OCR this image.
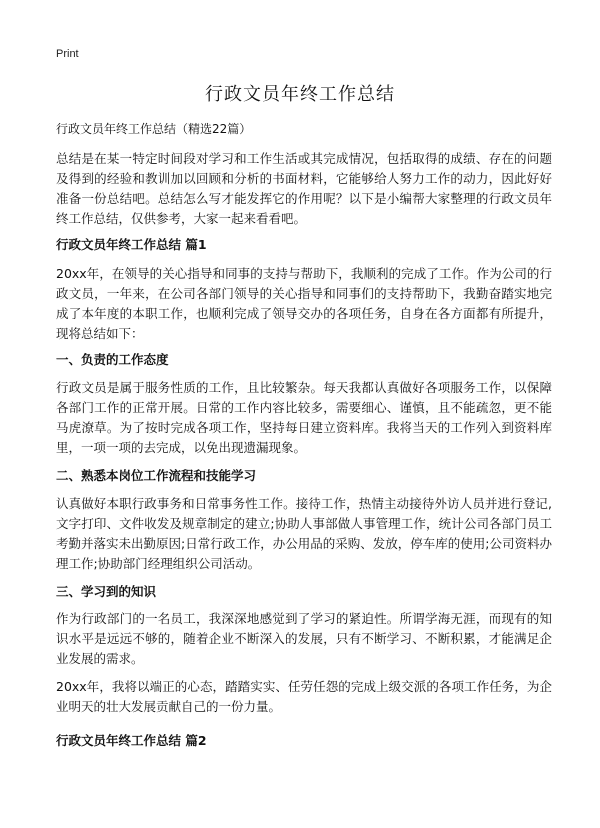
Print
行政文员年终工作总结
行政文员年终工作总结（精选22篇）

总结是在某一特定时间段对学习和工作生活或其完成情况，包括取得的成绩、存在的问题及得到的经验和教训加以回顾和分析的书面材料，它能够给人努力工作的动力，因此好好准备一份总结吧。总结怎么写才能发挥它的作用呢？以下是小编帮大家整理的行政文员年终工作总结，仅供参考，大家一起来看看吧。

行政文员年终工作总结 篇1

20xx年，在领导的关心指导和同事的支持与帮助下，我顺利的完成了工作。作为公司的行政文员，一年来，在公司各部门领导的关心指导和同事们的支持帮助下，我勤奋踏实地完成了本年度的本职工作，也顺利完成了领导交办的各项任务，自身在各方面都有所提升，现将总结如下：

一、负责的工作态度

行政文员是属于服务性质的工作，且比较繁杂。每天我都认真做好各项服务工作，以保障各部门工作的正常开展。日常的工作内容比较多，需要细心、谨慎，且不能疏忽，更不能马虎潦草。为了按时完成各项工作，坚持每日建立资料库。我将当天的工作列入到资料库里，一项一项的去完成，以免出现遗漏现象。

二、熟悉本岗位工作流程和技能学习

认真做好本职行政事务和日常事务性工作。接待工作，热情主动接待外访人员并进行登记,文字打印、文件收发及规章制定的建立;协助人事部做人事管理工作，统计公司各部门员工考勤并落实未出勤原因;日常行政工作，办公用品的采购、发放，停车库的使用;公司资料办理工作;协助部门经理组织公司活动。

三、学习到的知识

作为行政部门的一名员工，我深深地感觉到了学习的紧迫性。所谓学海无涯，而现有的知识水平是远远不够的，随着企业不断深入的发展，只有不断学习、不断积累，才能满足企业发展的需求。

20xx年，我将以端正的心态，踏踏实实、任劳任怨的完成上级交派的各项工作任务，为企业明天的壮大发展贡献自己的一份力量。

行政文员年终工作总结 篇2
